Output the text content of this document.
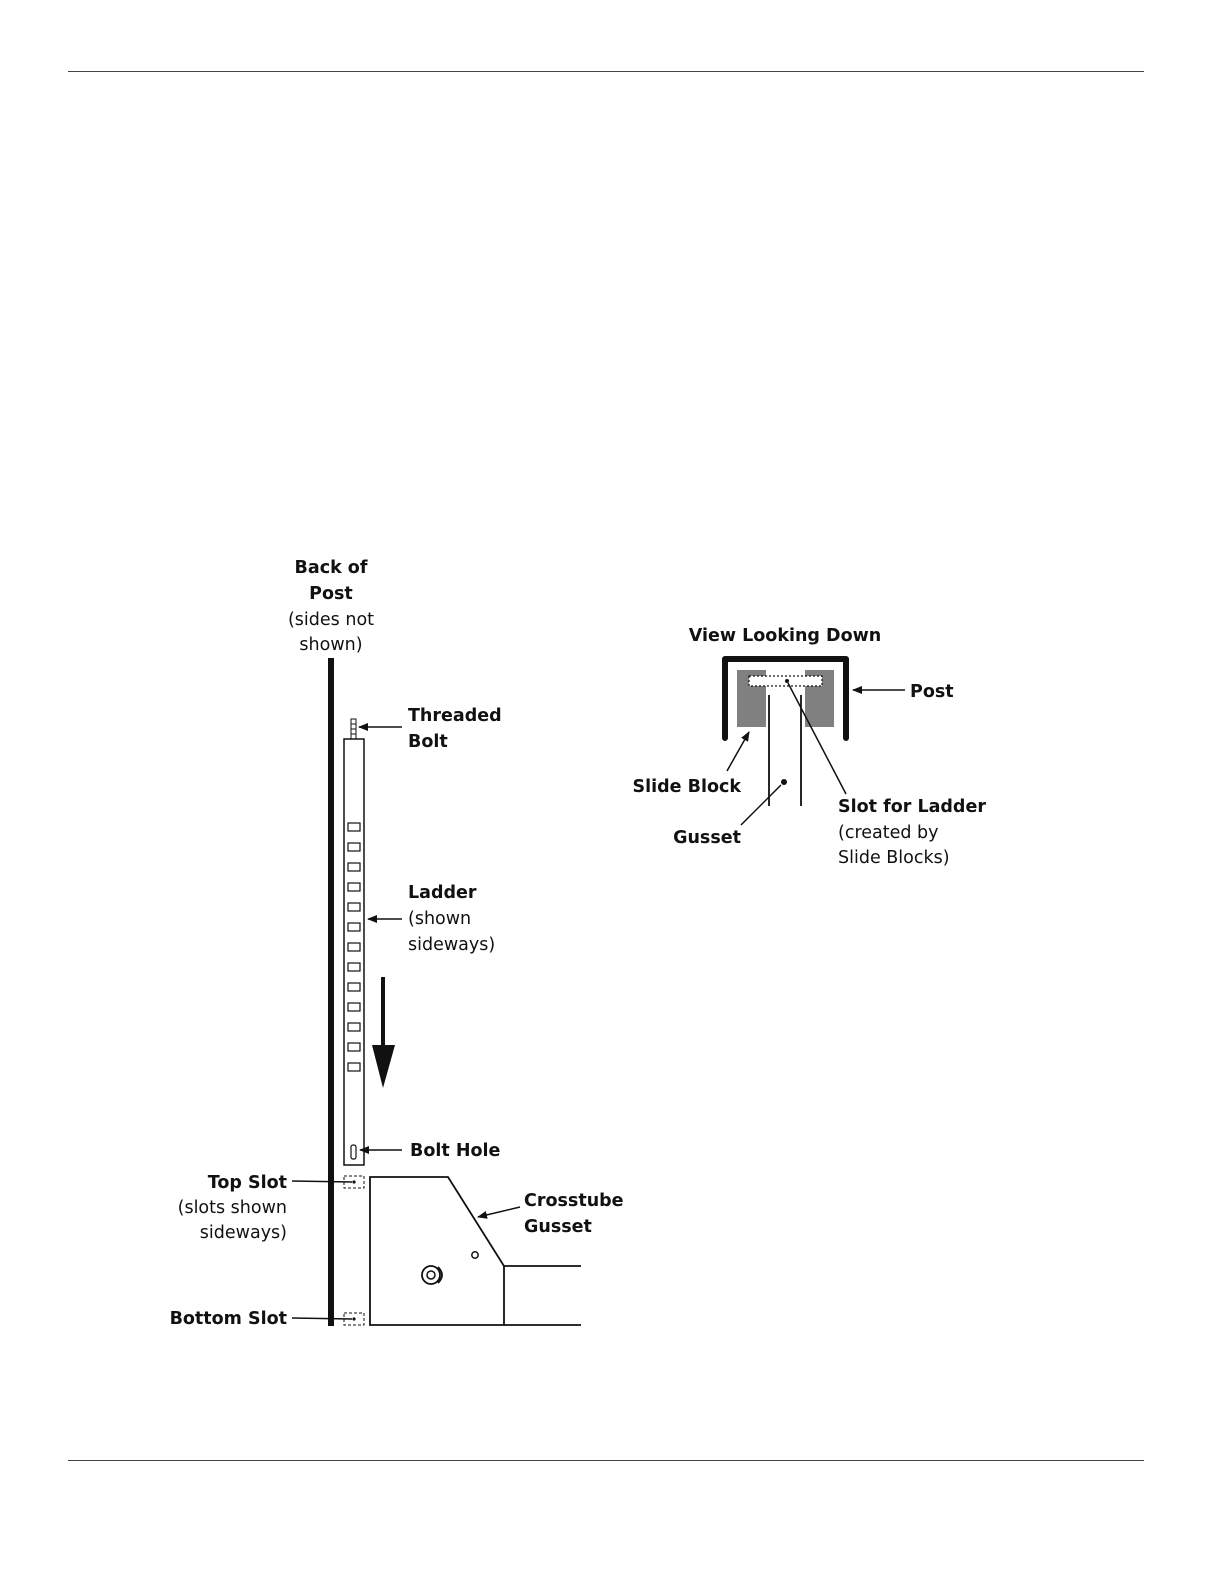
Back of
Post
(sides not
shown)
Threaded
Bolt
Ladder
(shown
sideways)
Bolt Hole
Top Slot
(slots shown
sideways)
Bottom Slot
Crosstube
Gusset
View Looking Down
Post
Slide Block
Gusset
Slot for Ladder
(created by
Slide Blocks)
